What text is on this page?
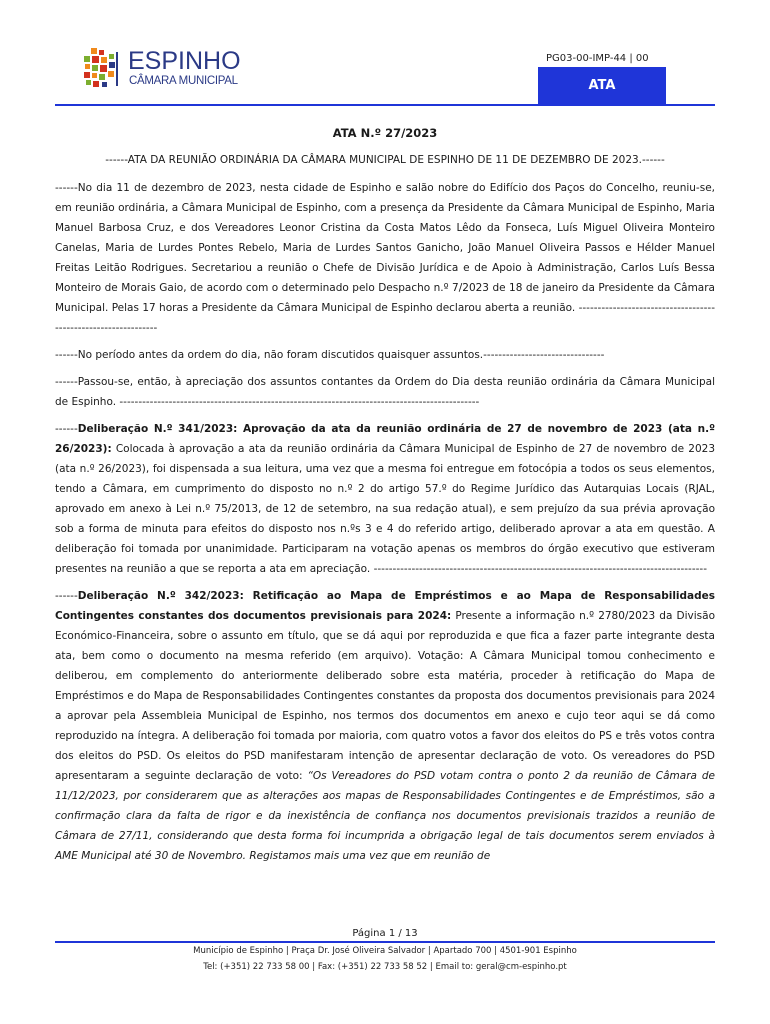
ESPINHO
CÂMARA MUNICIPAL
PG03-00-IMP-44 | 00
ATA
ATA N.º 27/2023

------ATA DA REUNIÃO ORDINÁRIA DA CÂMARA MUNICIPAL DE ESPINHO DE 11 DE DEZEMBRO DE 2023.------

------No dia 11 de dezembro de 2023, nesta cidade de Espinho e salão nobre do Edifício dos Paços do Concelho, reuniu-se, em reunião ordinária, a Câmara Municipal de Espinho, com a presença da Presidente da Câmara Municipal de Espinho, Maria Manuel Barbosa Cruz, e dos Vereadores Leonor Cristina da Costa Matos Lêdo da Fonseca, Luís Miguel Oliveira Monteiro Canelas, Maria de Lurdes Pontes Rebelo, Maria de Lurdes Santos Ganicho, João Manuel Oliveira Passos e Hélder Manuel Freitas Leitão Rodrigues. Secretariou a reunião o Chefe de Divisão Jurídica e de Apoio à Administração, Carlos Luís Bessa Monteiro de Morais Gaio, de acordo com o determinado pelo Despacho n.º 7/2023 de 18 de janeiro da Presidente da Câmara Municipal. Pelas 17 horas a Presidente da Câmara Municipal de Espinho declarou aberta a reunião. ---------------------------------------------------------------

------No período antes da ordem do dia, não foram discutidos quaisquer assuntos.--------------------------------

------Passou-se, então, à apreciação dos assuntos contantes da Ordem do Dia desta reunião ordinária da Câmara Municipal de Espinho. -----------------------------------------------------------------------------------------------

------Deliberação N.º 341/2023: Aprovação da ata da reunião ordinária de 27 de novembro de 2023 (ata n.º 26/2023): Colocada à aprovação a ata da reunião ordinária da Câmara Municipal de Espinho de 27 de novembro de 2023 (ata n.º 26/2023), foi dispensada a sua leitura, uma vez que a mesma foi entregue em fotocópia a todos os seus elementos, tendo a Câmara, em cumprimento do disposto no n.º 2 do artigo 57.º do Regime Jurídico das Autarquias Locais (RJAL, aprovado em anexo à Lei n.º 75/2013, de 12 de setembro, na sua redação atual), e sem prejuízo da sua prévia aprovação sob a forma de minuta para efeitos do disposto nos n.ºs 3 e 4 do referido artigo, deliberado aprovar a ata em questão. A deliberação foi tomada por unanimidade. Participaram na votação apenas os membros do órgão executivo que estiveram presentes na reunião a que se reporta a ata em apreciação. ----------------------------------------------------------------------------------------

------Deliberação N.º 342/2023: Retificação ao Mapa de Empréstimos e ao Mapa de Responsabilidades Contingentes constantes dos documentos previsionais para 2024: Presente a informação n.º 2780/2023 da Divisão Económico-Financeira, sobre o assunto em título, que se dá aqui por reproduzida e que fica a fazer parte integrante desta ata, bem como o documento na mesma referido (em arquivo). Votação: A Câmara Municipal tomou conhecimento e deliberou, em complemento do anteriormente deliberado sobre esta matéria, proceder à retificação do Mapa de Empréstimos e do Mapa de Responsabilidades Contingentes constantes da proposta dos documentos previsionais para 2024 a aprovar pela Assembleia Municipal de Espinho, nos termos dos documentos em anexo e cujo teor aqui se dá como reproduzido na íntegra. A deliberação foi tomada por maioria, com quatro votos a favor dos eleitos do PS e três votos contra dos eleitos do PSD. Os eleitos do PSD manifestaram intenção de apresentar declaração de voto. Os vereadores do PSD apresentaram a seguinte declaração de voto: “Os Vereadores do PSD votam contra o ponto 2 da reunião de Câmara de 11/12/2023, por considerarem que as alterações aos mapas de Responsabilidades Contingentes e de Empréstimos, são a confirmação clara da falta de rigor e da inexistência de confiança nos documentos previsionais trazidos a reunião de Câmara de 27/11, considerando que desta forma foi incumprida a obrigação legal de tais documentos serem enviados à AME Municipal até 30 de Novembro. Registamos mais uma vez que em reunião de

Página 1 / 13
Município de Espinho | Praça Dr. José Oliveira Salvador | Apartado 700 | 4501-901 Espinho
Tel: (+351) 22 733 58 00 | Fax: (+351) 22 733 58 52 | Email to: geral@cm-espinho.pt
